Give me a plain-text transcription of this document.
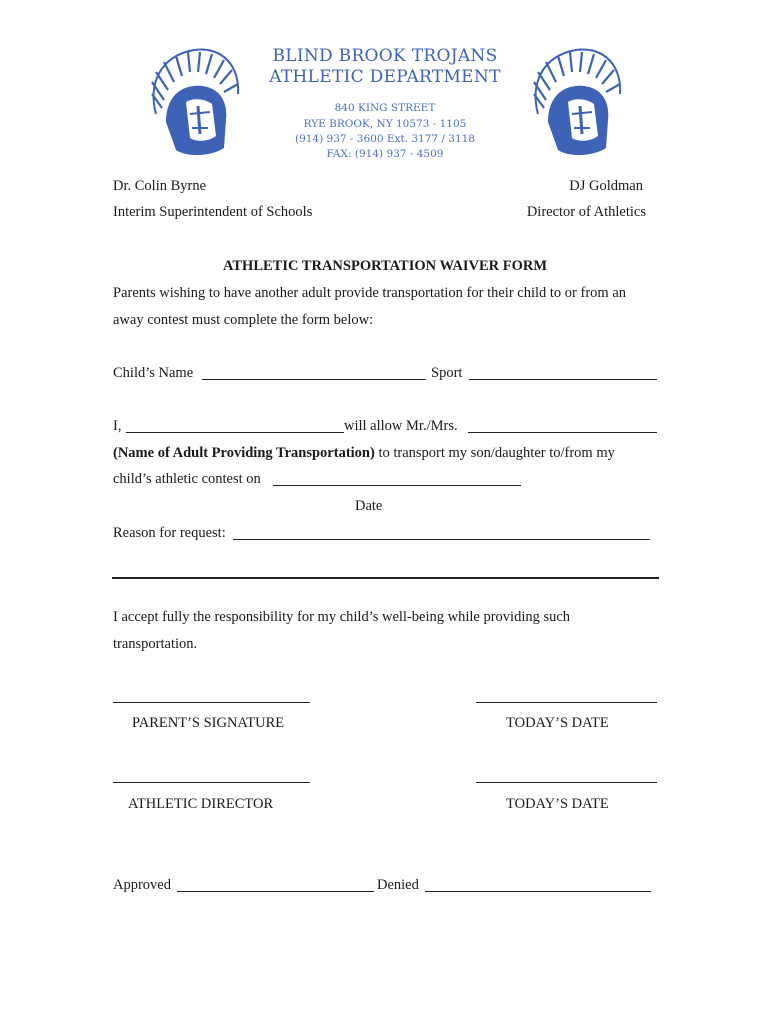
BLIND BROOK TROJANS
ATHLETIC DEPARTMENT
840 KING STREET
RYE BROOK, NY 10573 - 1105
(914) 937 - 3600 Ext. 3177 / 3118
FAX: (914) 937 - 4509
Dr. Colin Byrne
Interim Superintendent of Schools
DJ Goldman
Director of Athletics
ATHLETIC TRANSPORTATION WAIVER FORM
Parents wishing to have another adult provide transportation for their child to or from an
away contest must complete the form below:
Child’s Name	Sport
I,	will allow Mr./Mrs.
(Name of Adult Providing Transportation) to transport my son/daughter to/from my
child’s athletic contest on
Date
Reason for request:
I accept fully the responsibility for my child’s well-being while providing such
transportation.
PARENT’S SIGNATURE	TODAY’S DATE
ATHLETIC DIRECTOR	TODAY’S DATE
Approved	Denied
